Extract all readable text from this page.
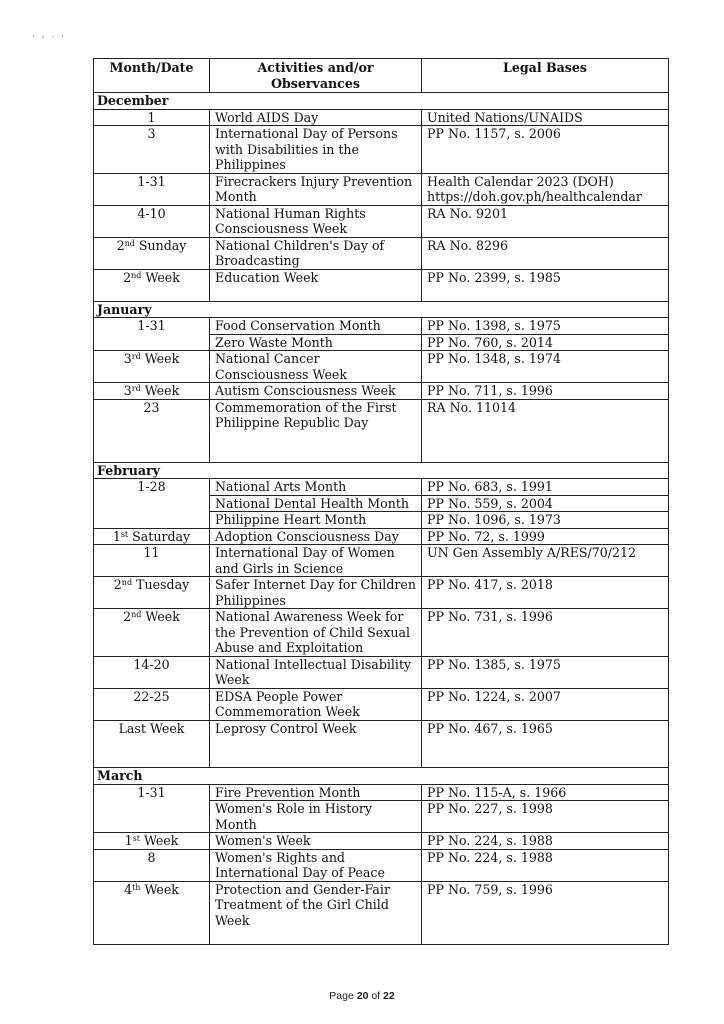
. , . .
Month/Date	Activities and/or Observances	Legal Bases
December		
1	World AIDS Day	United Nations/UNAIDS
3	International Day of Persons with Disabilities in the Philippines	PP No. 1157, s. 2006
1-31	Firecrackers Injury Prevention Month	Health Calendar 2023 (DOH) https://doh.gov.ph/healthcalendar
4-10	National Human Rights Consciousness Week	RA No. 9201
2nd Sunday	National Children's Day of Broadcasting	RA No. 8296
2nd Week	Education Week	PP No. 2399, s. 1985
January		
1-31	Food Conservation Month	PP No. 1398, s. 1975
	Zero Waste Month	PP No. 760, s. 2014
3rd Week	National Cancer Consciousness Week	PP No. 1348, s. 1974
3rd Week	Autism Consciousness Week	PP No. 711, s. 1996
23	Commemoration of the First Philippine Republic Day	RA No. 11014
February		
1-28	National Arts Month	PP No. 683, s. 1991
	National Dental Health Month	PP No. 559, s. 2004
	Philippine Heart Month	PP No. 1096, s. 1973
1st Saturday	Adoption Consciousness Day	PP No. 72, s. 1999
11	International Day of Women and Girls in Science	UN Gen Assembly A/RES/70/212
2nd Tuesday	Safer Internet Day for Children Philippines	PP No. 417, s. 2018
2nd Week	National Awareness Week for the Prevention of Child Sexual Abuse and Exploitation	PP No. 731, s. 1996
14-20	National Intellectual Disability Week	PP No. 1385, s. 1975
22-25	EDSA People Power Commemoration Week	PP No. 1224, s. 2007
Last Week	Leprosy Control Week	PP No. 467, s. 1965
March		
1-31	Fire Prevention Month	PP No. 115-A, s. 1966
	Women's Role in History Month	PP No. 227, s. 1998
1st Week	Women's Week	PP No. 224, s. 1988
8	Women's Rights and International Day of Peace	PP No. 224, s. 1988
4th Week	Protection and Gender-Fair Treatment of the Girl Child Week	PP No. 759, s. 1996
Page 20 of 22
